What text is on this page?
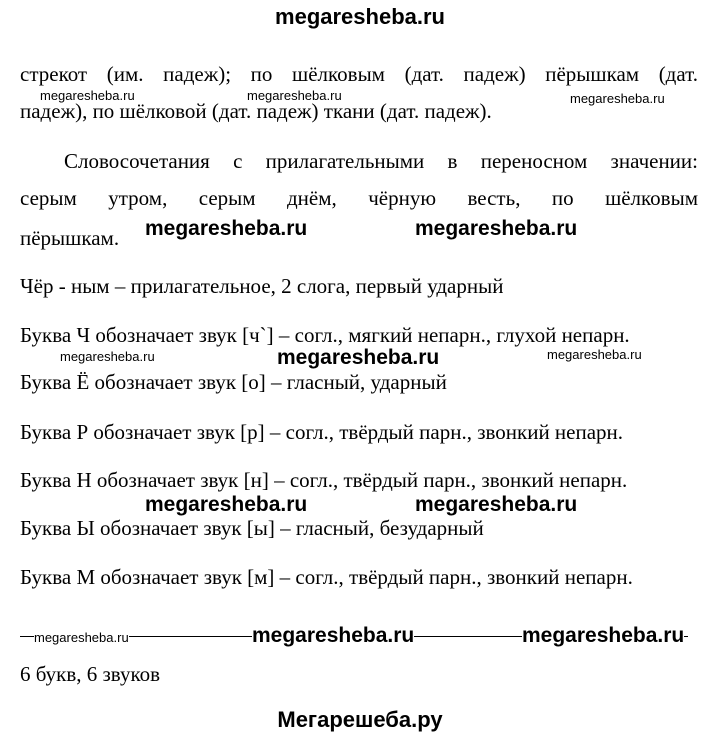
megaresheba.ru
стрекот (им. падеж); по шёлковым (дат. падеж) пёрышкам (дат.
падеж), по шёлковой (дат. падеж) ткани (дат. падеж).
Словосочетания с прилагательными в переносном значении:
серым утром, серым днём, чёрную весть, по шёлковым
пёрышкам.
Чёр - ным – прилагательное, 2 слога, первый ударный
Буква Ч обозначает звук [ч`] – согл., мягкий непарн., глухой непарн.
Буква Ё обозначает звук [о] – гласный, ударный
Буква Р обозначает звук [р] – согл., твёрдый парн., звонкий непарн.
Буква Н обозначает звук [н] – согл., твёрдый парн., звонкий непарн.
Буква Ы обозначает звук [ы] – гласный, безударный
Буква М обозначает звук [м] – согл., твёрдый парн., звонкий непарн.
6 букв, 6 звуков
Мегарешеба.ру
megaresheba.ru	megaresheba.ru	megaresheba.ru
megaresheba.ru	megaresheba.ru
megaresheba.ru
megaresheba.ru	megaresheba.ru
megaresheba.ru
megaresheba.ru	megaresheba.ru
megaresheba.ru	megaresheba.ru
